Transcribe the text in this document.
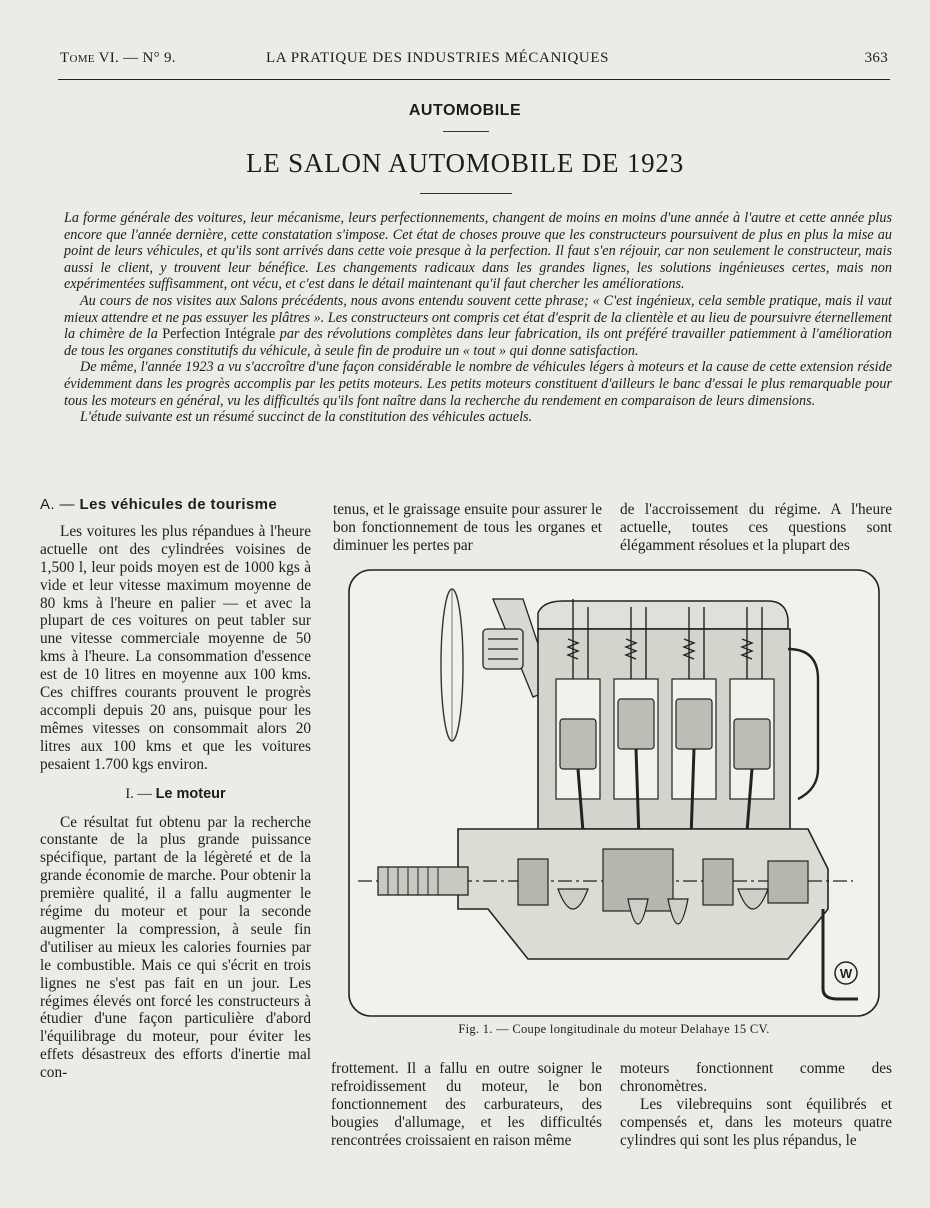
Tome VI. — N° 9.	LA PRATIQUE DES INDUSTRIES MÉCANIQUES	363
AUTOMOBILE
LE SALON AUTOMOBILE DE 1923

La forme générale des voitures, leur mécanisme, leurs perfectionnements, changent de moins en moins d'une année à l'autre et cette année plus encore que l'année dernière, cette constatation s'impose. Cet état de choses prouve que les constructeurs poursuivent de plus en plus la mise au point de leurs véhicules, et qu'ils sont arrivés dans cette voie presque à la perfection. Il faut s'en réjouir, car non seulement le constructeur, mais aussi le client, y trouvent leur bénéfice. Les changements radicaux dans les grandes lignes, les solutions ingénieuses certes, mais non expérimentées suffisamment, ont vécu, et c'est dans le détail maintenant qu'il faut chercher les améliorations.

Au cours de nos visites aux Salons précédents, nous avons entendu souvent cette phrase; « C'est ingénieux, cela semble pratique, mais il vaut mieux attendre et ne pas essuyer les plâtres ». Les constructeurs ont compris cet état d'esprit de la clientèle et au lieu de poursuivre éternellement la chimère de la Perfection Intégrale par des révolutions complètes dans leur fabrication, ils ont préféré travailler patiemment à l'amélioration de tous les organes constitutifs du véhicule, à seule fin de produire un « tout » qui donne satisfaction.

De même, l'année 1923 a vu s'accroître d'une façon considérable le nombre de véhicules légers à moteurs et la cause de cette extension réside évidemment dans les progrès accomplis par les petits moteurs. Les petits moteurs constituent d'ailleurs le banc d'essai le plus remarquable pour tous les moteurs en général, vu les difficultés qu'ils font naître dans la recherche du rendement en comparaison de leurs dimensions.

L'étude suivante est un résumé succinct de la constitution des véhicules actuels.

A. — Les véhicules de tourisme

Les voitures les plus répandues à l'heure actuelle ont des cylindrées voisines de 1,500 l, leur poids moyen est de 1000 kgs à vide et leur vitesse maximum moyenne de 80 kms à l'heure en palier — et avec la plupart de ces voitures on peut tabler sur une vitesse commerciale moyenne de 50 kms à l'heure. La consommation d'essence est de 10 litres en moyenne aux 100 kms. Ces chiffres courants prouvent le progrès accompli depuis 20 ans, puisque pour les mêmes vitesses on consommait alors 20 litres aux 100 kms et que les voitures pesaient 1.700 kgs environ.

I. — Le moteur

Ce résultat fut obtenu par la recherche constante de la plus grande puissance spécifique, partant de la légèreté et de la grande économie de marche. Pour obtenir la première qualité, il a fallu augmenter le régime du moteur et pour la seconde augmenter la compression, à seule fin d'utiliser au mieux les calories fournies par le combustible. Mais ce qui s'écrit en trois lignes ne s'est pas fait en un jour. Les régimes élevés ont forcé les constructeurs à étudier d'une façon particulière d'abord l'équilibrage du moteur, pour éviter les effets désastreux des efforts d'inertie mal con-

tenus, et le graissage ensuite pour assurer le bon fonctionnement de tous les organes et diminuer les pertes par

de l'accroissement du régime. A l'heure actuelle, toutes ces questions sont élégamment résolues et la plupart des

W
Fig. 1. — Coupe longitudinale du moteur Delahaye 15 CV.

frottement. Il a fallu en outre soigner le refroidissement du moteur, le bon fonctionnement des carburateurs, des bougies d'allumage, et les difficultés rencontrées croissaient en raison même

moteurs fonctionnent comme des chronomètres.

Les vilebrequins sont équilibrés et compensés et, dans les moteurs quatre cylindres qui sont les plus répandus, le
